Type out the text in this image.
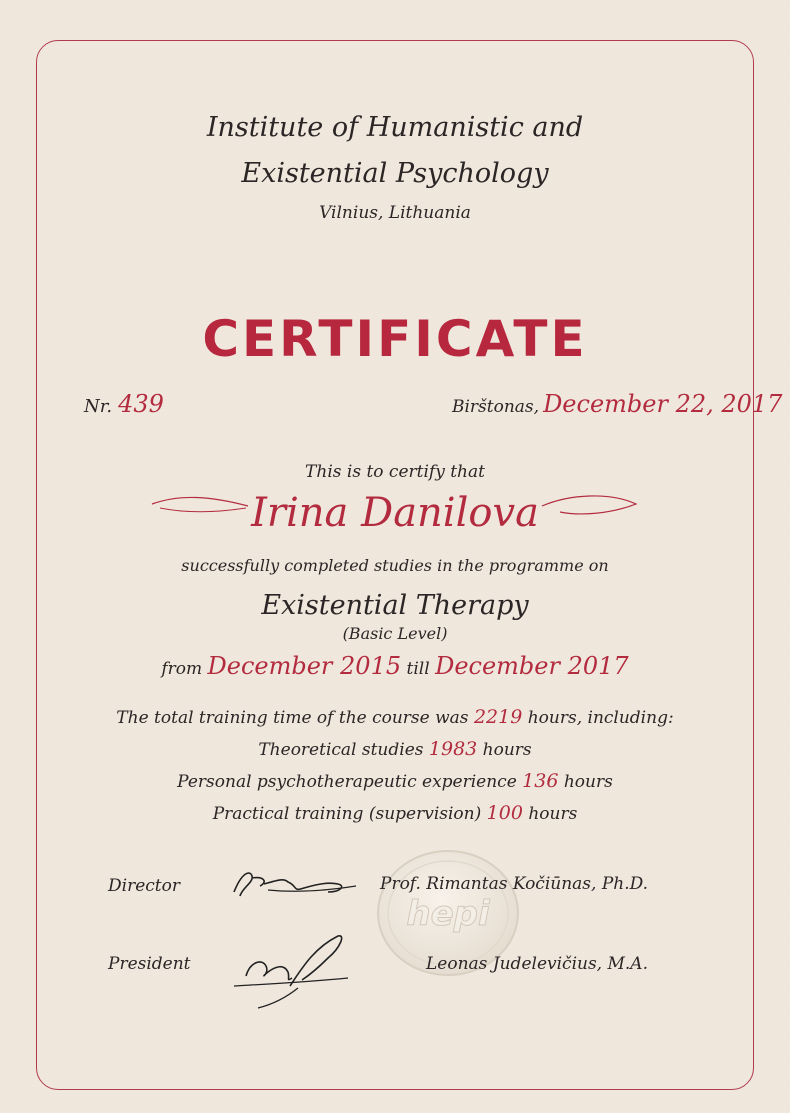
Institute of Humanistic and
Existential Psychology
Vilnius, Lithuania
CERTIFICATE
Nr. 439	Birštonas, December 22, 2017
This is to certify that
Irina Danilova
successfully completed studies in the programme on
Existential Therapy
(Basic Level)
from December 2015 till December 2017
The total training time of the course was 2219 hours, including:
Theoretical studies 1983 hours
Personal psychotherapeutic experience 136 hours
Practical training (supervision) 100 hours
hepi
Director	Prof. Rimantas Kočiūnas, Ph.D.
President	Leonas Judelevičius, M.A.
